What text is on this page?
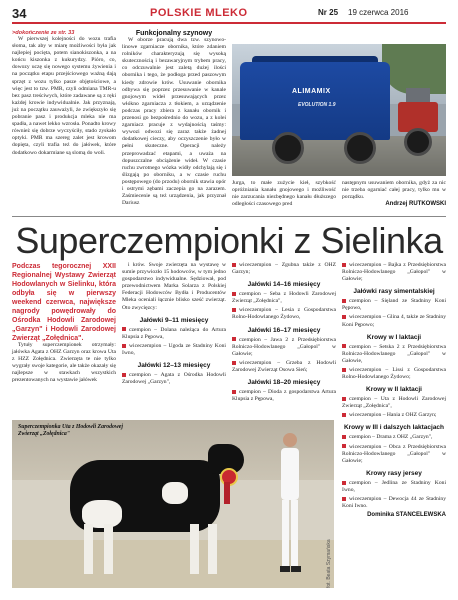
34	POLSKIE MLEKO	Nr 25 19 czerwca 2016
>dokończenie ze str. 33

W pierwszej kolejności do wozu trafia słoma, tak aby w miarę możliwości była jak najlepiej pocięta, potem sianokiszonka, a na końcu kiszonka z kukurydzy. Pióro, co, dowozy uczę się nowego systemu żywienia i na początku etapu przejściowego ważną dają sprzęt z wozu tylko pasze objętościowe, a więc jest to tzw. PMR, czyli odmiana TMR-u bez pasz treściwych, które zadawane są z ręki każdej krowie indywidualnie. Jak przyznają, już na początku zauważyli, że zwiększyło się pobranie pasz i produkcja mleka nie ma spadła, a nawet lekko wzrosła. Ponadto krowy również się dobrze wyczyściły, stado zyskało optyki. PMR ma szereg zalet jest krowom dopięta, czyli trafia też do jałówek, które dodatkowo dokarmiane są slomą do woli.

Funkcjonalny szynowy

W oborze pracują dwa tzw. szynowo-linowe zgarniacze obornika, które zdaniem rolników charakteryzują się wysoką skutecznością i bezawaryjnym trybem pracy, co odczuwalnie jest zaletą dużej ilości obornika i tego, że podłoga przed paszowym kiedy zdrowie krów. Usuwanie obornika odbywa się poprzez przesuwanie w kanale gnojowym wideł przesuwających przez włókno zgarniacza z tłokiem, a urządzenie podczas pracy zbiera z kanału obornik i przenosi go bezpośrednio do wozu, a z kolei zgarniacz pracuje z wydajnością taśmy: wywozi odwozi się zaraz także żadnej dodatkowej cieczy, aby oczyszczenie było w pełni skuteczne. Operacji należy przeprowadzać etapami, a uważa na dopuszczalne obciążenie wideł. W czasie ruchu zwrotnego wózka widły odchylają się i ślizgają po oborniku, a w czasie ruchu postępowego (do przodu) obornik stawia opór i ostrymi zębami zaczepia go na zarazem. Zaśmiecenie są też urządzenia, jak przyznał Dariusz

ALIMAMIX
EVOLUTION 1.9

Jurga, to małe zużycie kieł, szybkość opróżniania kanału gnojowego i możliwość nie zarzucania niezbędnego kanału dłuższego odległości czasowego pred

następnym usuwaniem obornika, gdyż za nic nie trzeba ogarniać całej pracy, tylko mu w porządku.

Andrzej RUTKOWSKI
Superczempionki z Sielinka
Podczas tegorocznej XXII Regionalnej Wystawy Zwierząt Hodowlanych w Sielinku, która odbyła się w pierwszy weekend czerwca, największe nagrody powędrowały do Ośrodka Hodowli Zarodowej „Garzyn" i Hodowli Zarodowej Zwierząt „Zołędnica".

Tytuły superczempionek otrzymały: jałówka Agata z OHZ Garzyn oraz krowa Uta z HZZ Zołędnica. Zwierzęta te nie tylko wygrały swoje kategorie, ale także okazały się najlepsze w stawkach wszystkich prezentowanych na wystawie jałówek

i krów. Swoje zwierzęta na wystawę w sumie przywiozło 15 hodowców, w tym jedno gospodarstwo indywidualne. Sędziował, pod przewodnictwem Marka Solarza z Polskiej Federacji Hodowców Bydła i Producentów Mleka oceniali łącznie blisko sześć zwierząt. Oto zwycięzcy:

Jałówki 9–11 miesięcy
czempion – Dolana należąca do Artura Klupsia z Pępowa,
wiceczempion – Ugoda ze Stadniny Koni Iwno,
Jałówki 12–13 miesięcy
czempion – Agata z Ośrodka Hodowli Zarodowej „Garzyn",
wiceczempion – Zgubna także z OHZ Garzyn;
Jałówki 14–16 miesięcy
czempion – Seba z Hodowli Zarodowej Zwierząt „Zołędnica",
wiceczempion – Lesia z Gospodarstwa Rolno-Hodowlanego Żydowo,
Jałówki 16–17 miesięcy
czempion – Jawa 2 z Przedsiębiorstwa Rolniczo-Hodowlanego „Gałopol" w Gałowie;
wiceczempion – Grzeba z Hodowli Zarodowej Zwierząt Osowa Sień;
Jałówki 18–20 miesięcy
czempion – Dioda z gospodarstwa Artura Klupsia z Pępowa,
wiceczempion – Bajka z Przedsiębiorstwa Rolniczo-Hodowlanego „Gałopol" w Gałowie;
Jałówki rasy simentalskiej
czempion – Sięland ze Stadniny Koni Pępowo,
wiceczempion – Glina 4, także ze Stadniny Koni Pępowo;
Krowy w I laktacji
czempion – Setska 2 z Przedsiębiorstwa Rolniczo-Hodowlanego „Gałopol" w Gałowie,
wiceczempion – Lissi z Gospodarstwa Rolno-Hodowlanego Żydowo;
Krowy w II laktacji
czempion – Uta z Hodowli Zarodowej Zwierząt „Zołędnica",
wiceczempion – Hania z OHZ Garzyn;
Krowy w III i dalszych laktacjach
czempion – Drama z OHZ „Garzyn",
wiceczempion – Obca z Przedsiębiorstwa Rolniczo-Hodowlanego „Gałopol" w Gałowie;
Krowy rasy jersey
czempion – Jedlina ze Stadniny Koni Iwno,
wiceczempion – Dewocja 44 ze Stadniny Koni Iwno.
Dominika STANCELEWSKA
Superczempionka Uta z Hodowli Zarodowej Zwierząt „Zołędnica"
fot. Beata Szymańska
